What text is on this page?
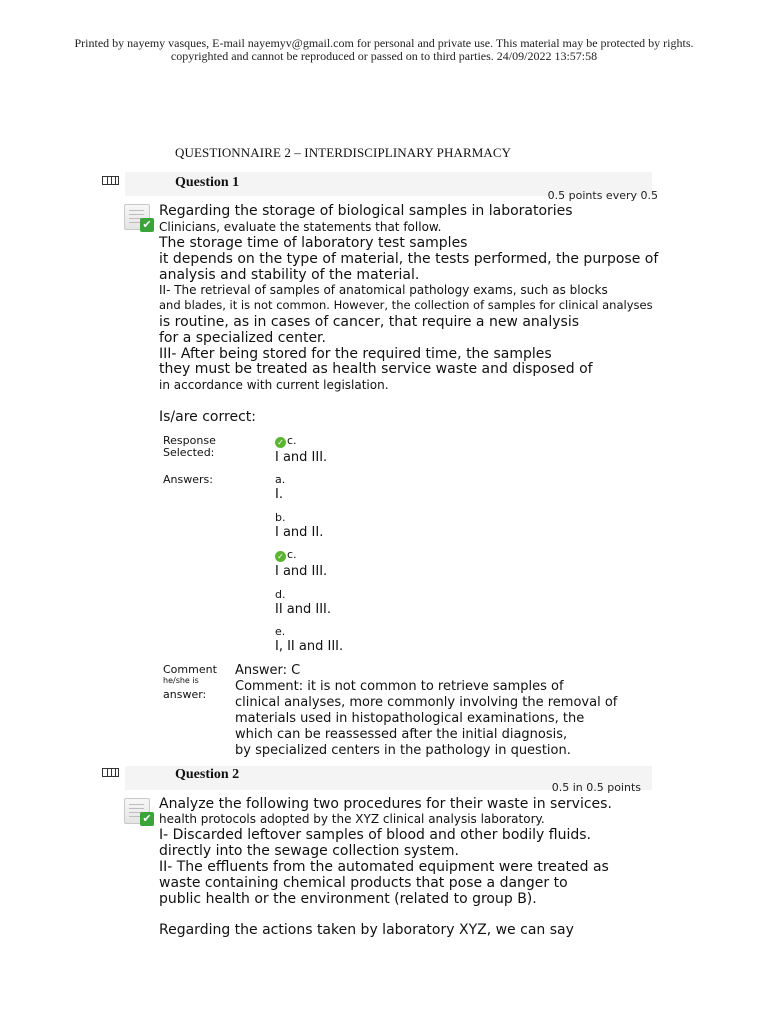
Printed by nayemy vasques, E-mail nayemyv@gmail.com for personal and private use. This material may be protected by rights.
copyrighted and cannot be reproduced or passed on to third parties. 24/09/2022 13:57:58
QUESTIONNAIRE 2 – INTERDISCIPLINARY PHARMACY
Question 1
0.5 points every 0.5
✔
Regarding the storage of biological samples in laboratories
Clinicians, evaluate the statements that follow.
The storage time of laboratory test samples
it depends on the type of material, the tests performed, the purpose of
analysis and stability of the material.
II- The retrieval of samples of anatomical pathology exams, such as blocks
and blades, it is not common. However, the collection of samples for clinical analyses
is routine, as in cases of cancer, that require a new analysis
for a specialized center.
III- After being stored for the required time, the samples
they must be treated as health service waste and disposed of
in accordance with current legislation.
Is/are correct:
Response
Selected:
✓ c.
I and III.
Answers:	a.
I.
b.
I and II.
✓ c.
I and III.
d.
II and III.
e.
I, II and III.
Comment
he/she is
answer:
Answer: C
Comment: it is not common to retrieve samples of
clinical analyses, more commonly involving the removal of
materials used in histopathological examinations, the
which can be reassessed after the initial diagnosis,
by specialized centers in the pathology in question.
Question 2
0.5 in 0.5 points
✔
Analyze the following two procedures for their waste in services.
health protocols adopted by the XYZ clinical analysis laboratory.
I- Discarded leftover samples of blood and other bodily fluids.
directly into the sewage collection system.
II- The effluents from the automated equipment were treated as
waste containing chemical products that pose a danger to
public health or the environment (related to group B).
Regarding the actions taken by laboratory XYZ, we can say
